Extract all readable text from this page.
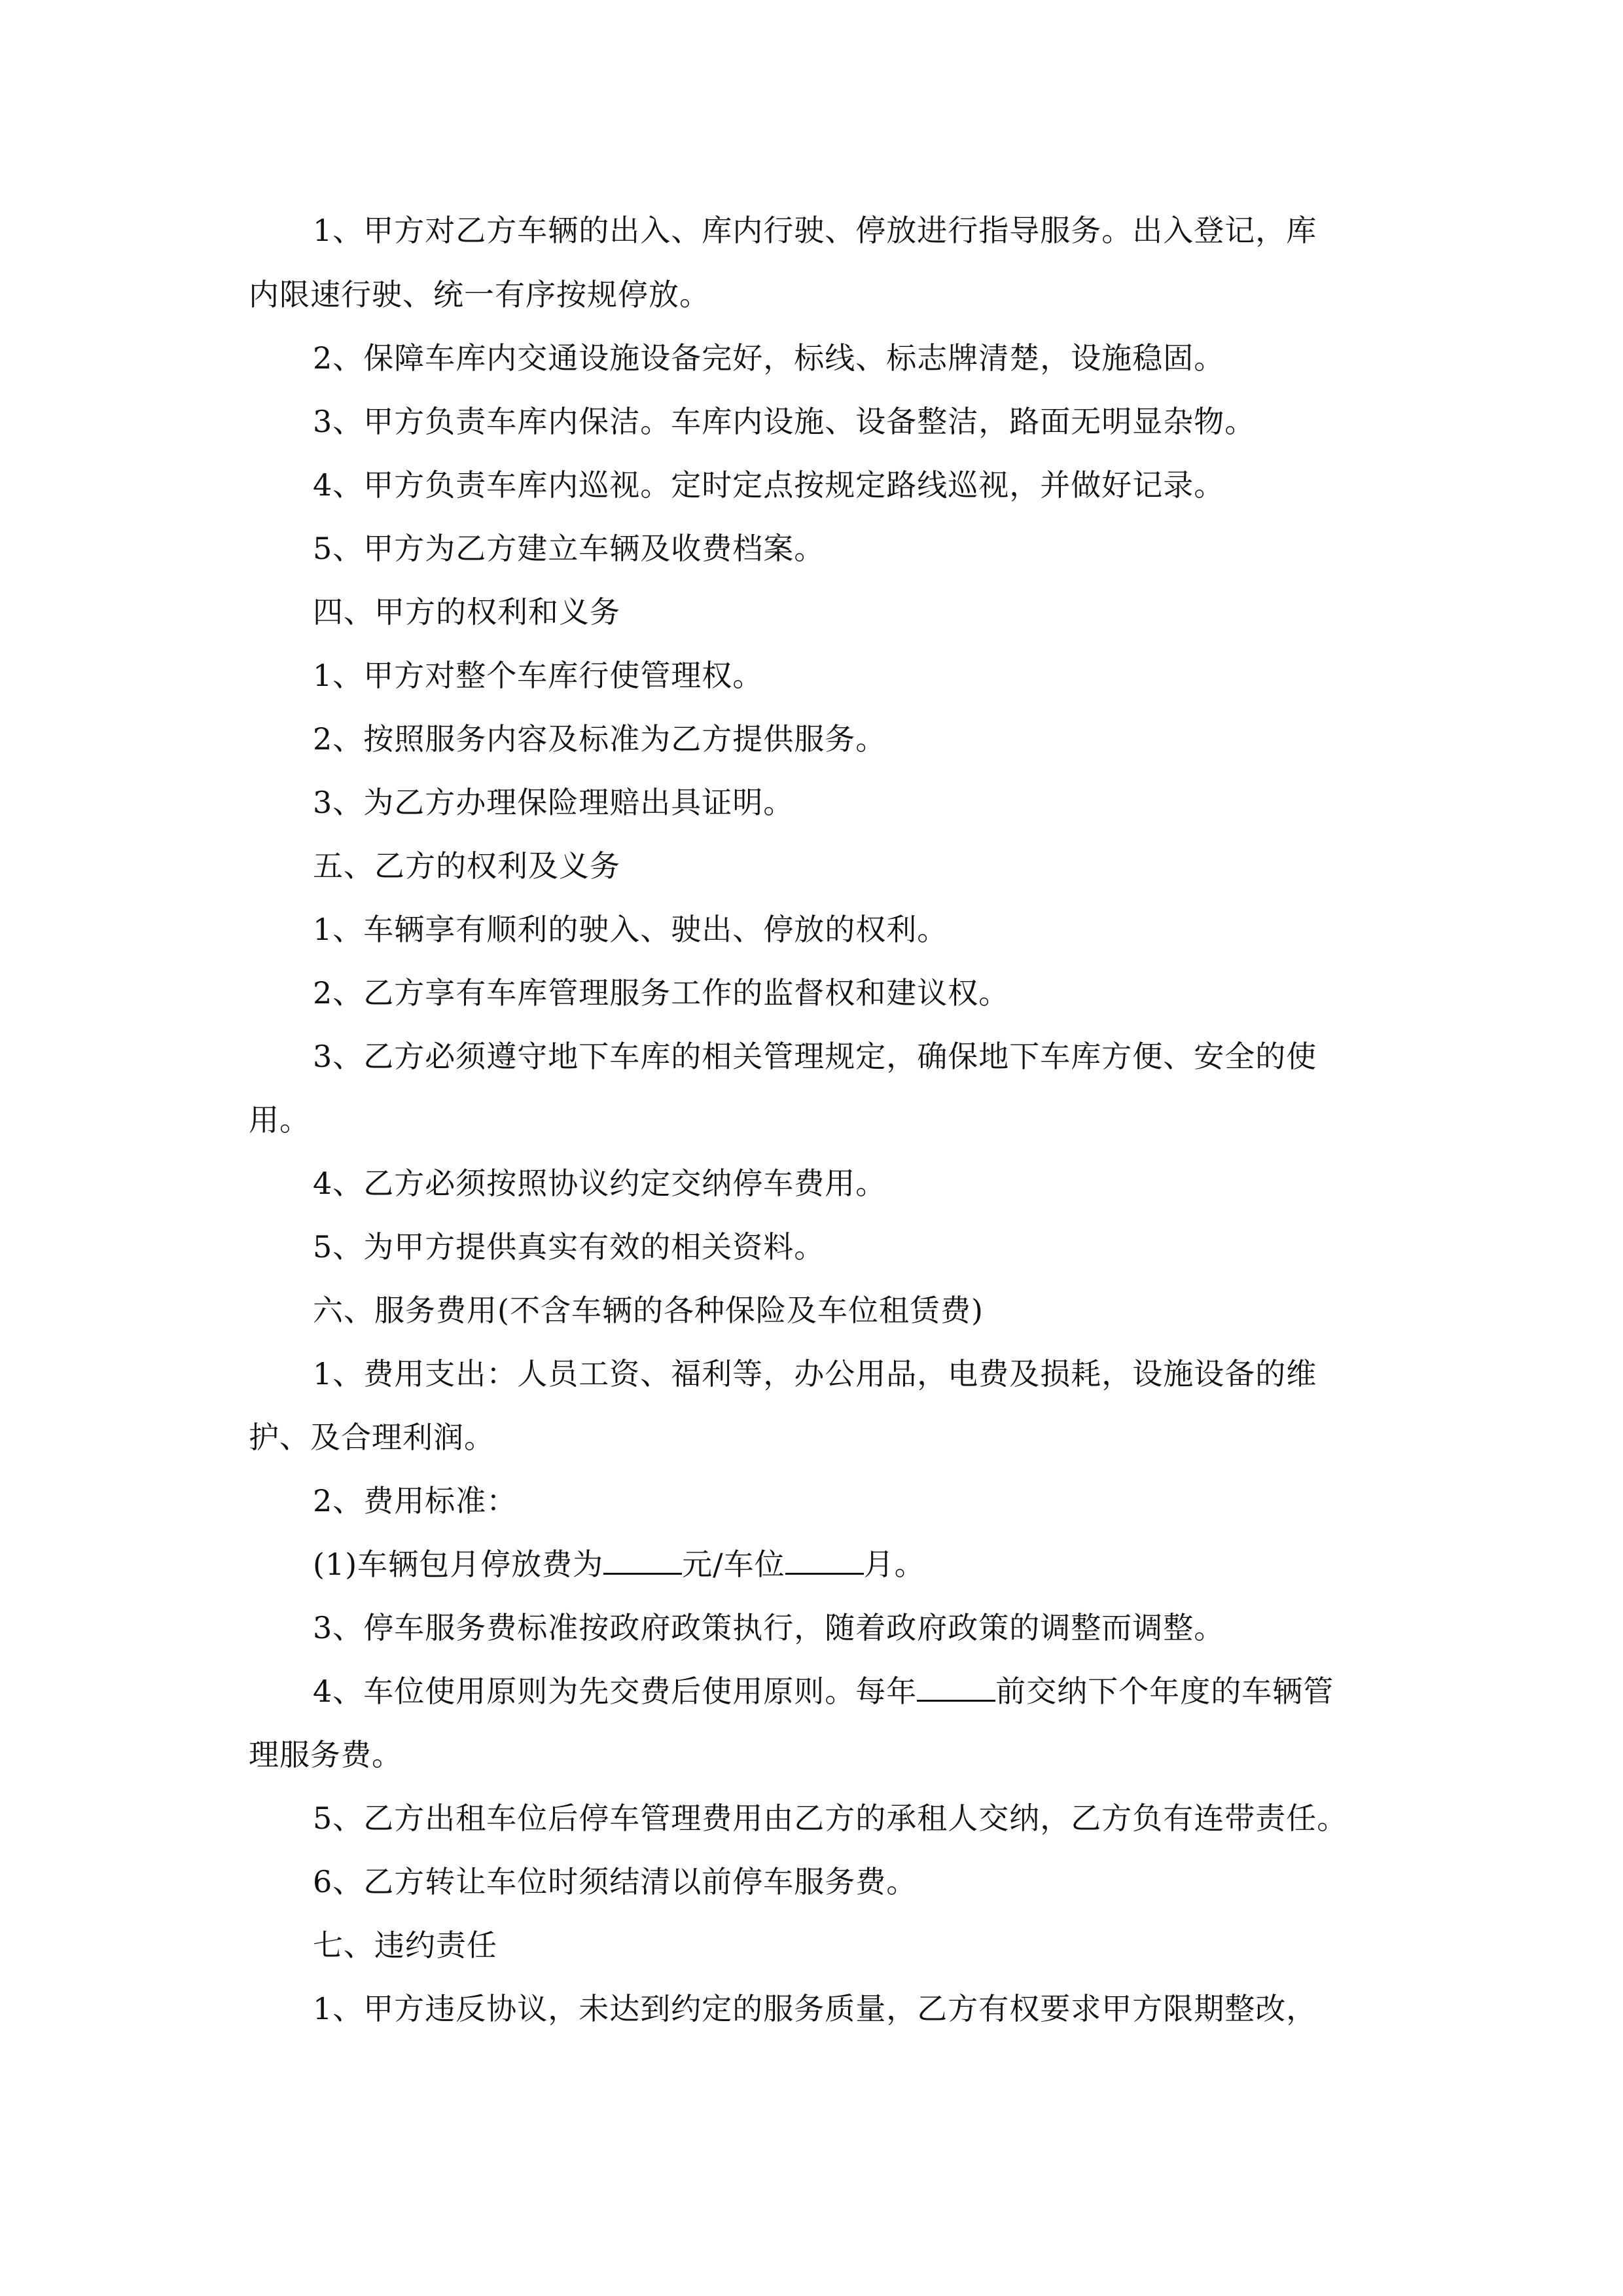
1、甲方对乙方车辆的出入、库内行驶、停放进行指导服务。出入登记，库
内限速行驶、统一有序按规停放。
2、保障车库内交通设施设备完好，标线、标志牌清楚，设施稳固。
3、甲方负责车库内保洁。车库内设施、设备整洁，路面无明显杂物。
4、甲方负责车库内巡视。定时定点按规定路线巡视，并做好记录。
5、甲方为乙方建立车辆及收费档案。
四、甲方的权利和义务
1、甲方对整个车库行使管理权。
2、按照服务内容及标准为乙方提供服务。
3、为乙方办理保险理赔出具证明。
五、乙方的权利及义务
1、车辆享有顺利的驶入、驶出、停放的权利。
2、乙方享有车库管理服务工作的监督权和建议权。
3、乙方必须遵守地下车库的相关管理规定，确保地下车库方便、安全的使
用。
4、乙方必须按照协议约定交纳停车费用。
5、为甲方提供真实有效的相关资料。
六、服务费用(不含车辆的各种保险及车位租赁费)
1、费用支出：人员工资、福利等，办公用品，电费及损耗，设施设备的维
护、及合理利润。
2、费用标准：
(1)车辆包月停放费为	元/车位	月。
3、停车服务费标准按政府政策执行，随着政府政策的调整而调整。
4、车位使用原则为先交费后使用原则。每年	前交纳下个年度的车辆管
理服务费。
5、乙方出租车位后停车管理费用由乙方的承租人交纳，乙方负有连带责任。
6、乙方转让车位时须结清以前停车服务费。
七、违约责任
1、甲方违反协议，未达到约定的服务质量，乙方有权要求甲方限期整改，
